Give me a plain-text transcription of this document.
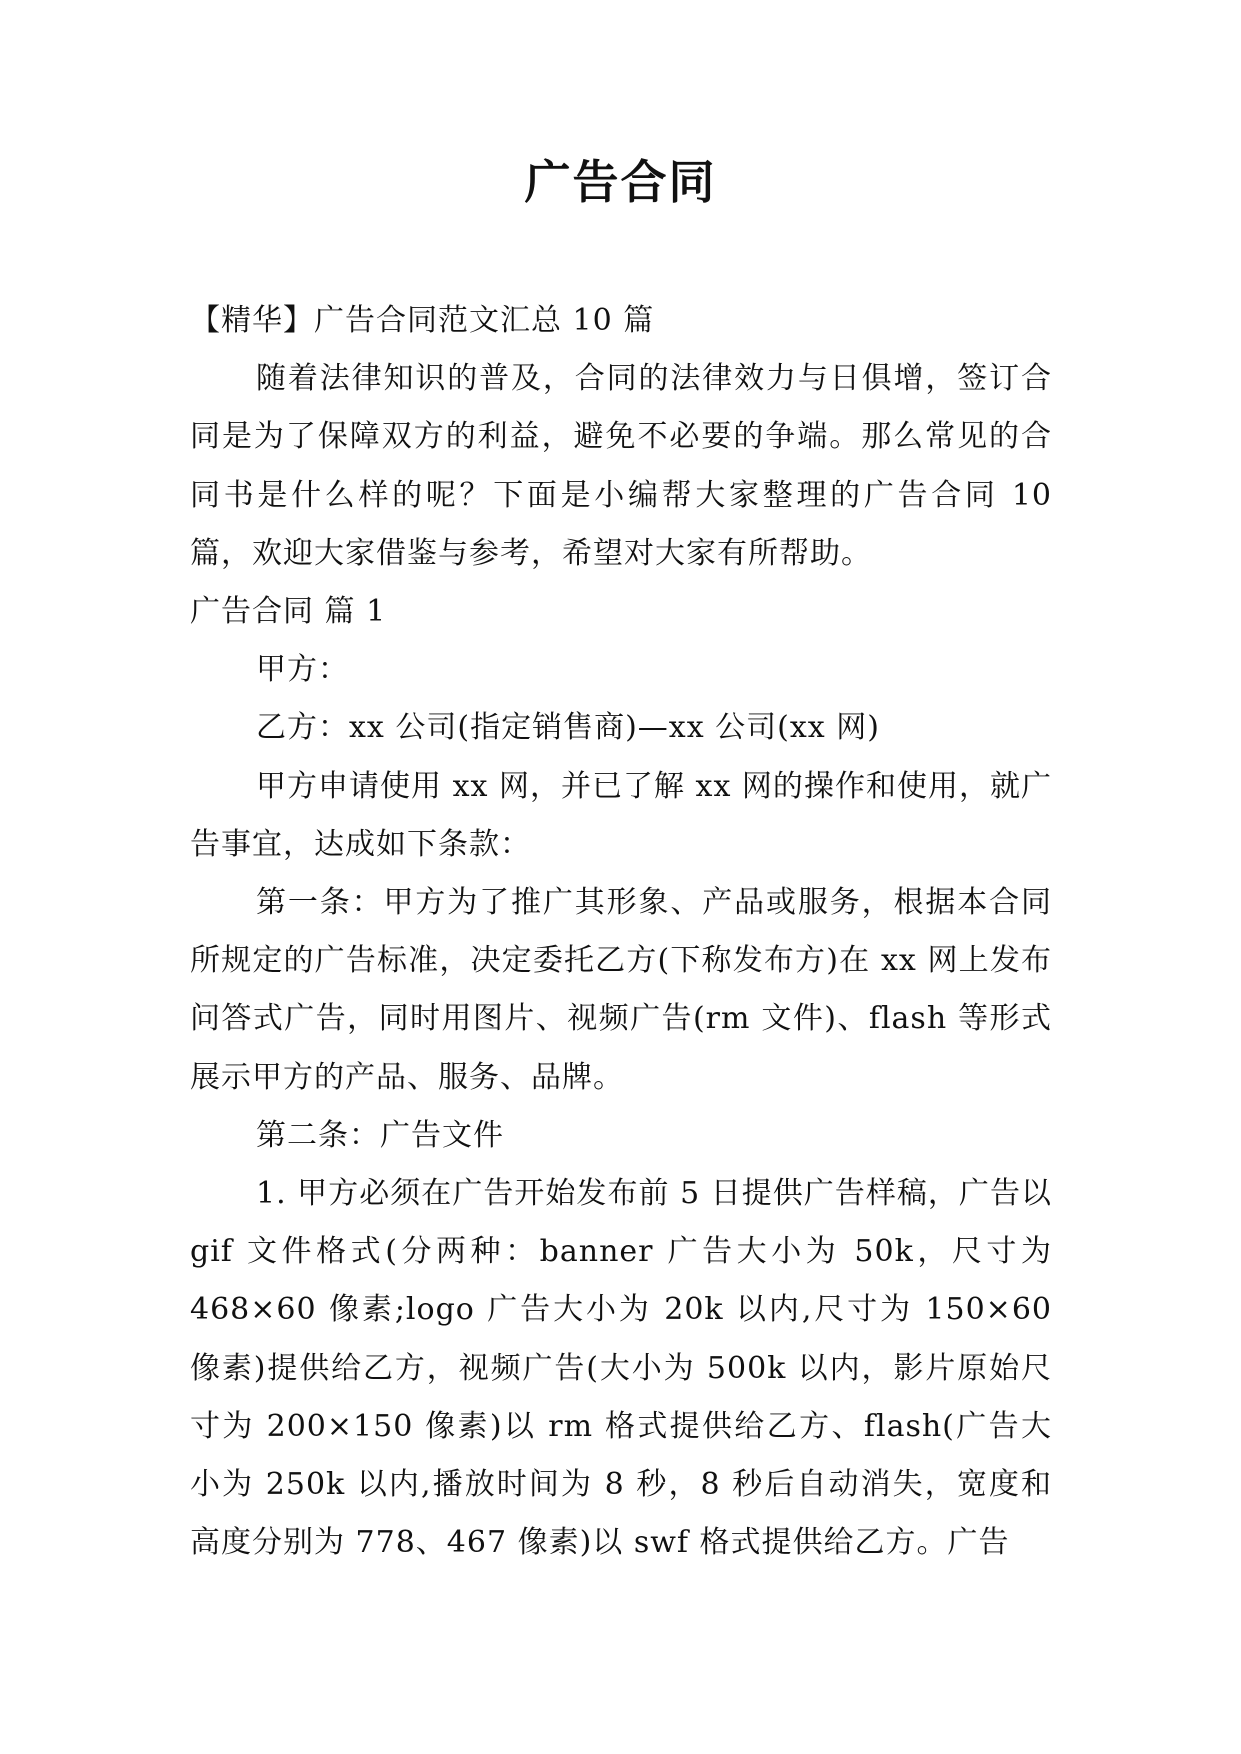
广告合同

【精华】广告合同范文汇总 10 篇

随着法律知识的普及，合同的法律效力与日俱增，签订合同是为了保障双方的利益，避免不必要的争端。那么常见的合同书是什么样的呢？下面是小编帮大家整理的广告合同 10 篇，欢迎大家借鉴与参考，希望对大家有所帮助。

广告合同 篇 1

甲方：

乙方：xx 公司(指定销售商)—xx 公司(xx 网)

甲方申请使用 xx 网，并已了解 xx 网的操作和使用，就广告事宜，达成如下条款：

第一条：甲方为了推广其形象、产品或服务，根据本合同所规定的广告标准，决定委托乙方(下称发布方)在 xx 网上发布问答式广告，同时用图片、视频广告(rm 文件)、flash 等形式展示甲方的产品、服务、品牌。

第二条：广告文件

1. 甲方必须在广告开始发布前 5 日提供广告样稿，广告以 gif 文件格式(分两种：banner 广告大小为 50k，尺寸为 468×60 像素;logo 广告大小为 20k 以内,尺寸为 150×60 像素)提供给乙方，视频广告(大小为 500k 以内，影片原始尺寸为 200×150 像素)以 rm 格式提供给乙方、flash(广告大小为 250k 以内,播放时间为 8 秒，8 秒后自动消失，宽度和高度分别为 778、467 像素)以 swf 格式提供给乙方。广告
